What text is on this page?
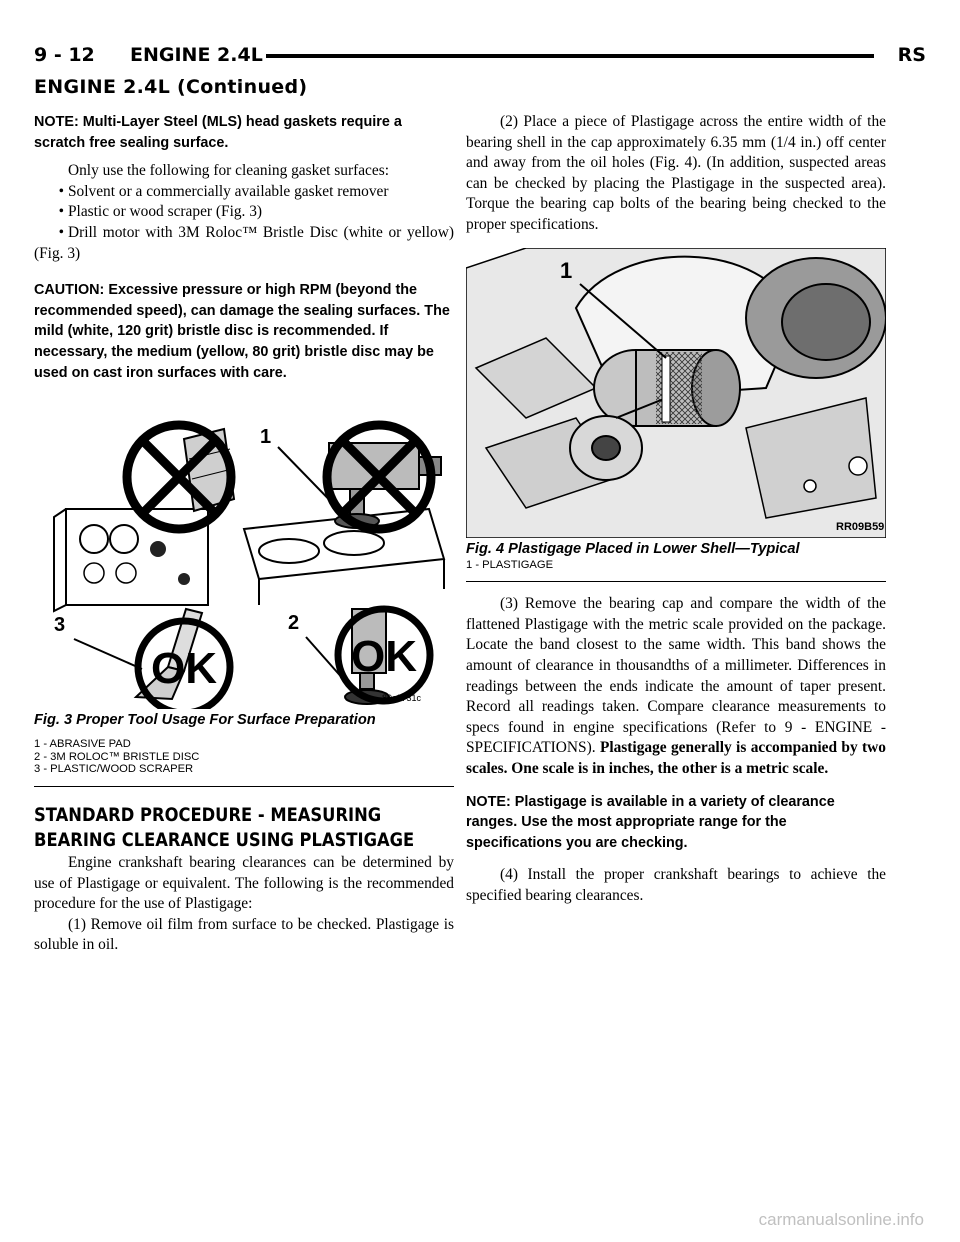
9 - 12 ENGINE 2.4L	RS
ENGINE 2.4L (Continued)

NOTE: Multi-Layer Steel (MLS) head gaskets require a scratch free sealing surface.

Only use the following for cleaning gasket surfaces:

• Solvent or a commercially available gasket remover

• Plastic or wood scraper (Fig. 3)

• Drill motor with 3M Roloc™ Bristle Disc (white or yellow) (Fig. 3)

CAUTION: Excessive pressure or high RPM (beyond the recommended speed), can damage the sealing surfaces. The mild (white, 120 grit) bristle disc is recommended. If necessary, the medium (yellow, 80 grit) bristle disc may be used on cast iron surfaces with care.

1
OK
3
OK
2
80c0731c
Fig. 3 Proper Tool Usage For Surface Preparation
1 - ABRASIVE PAD
2 - 3M ROLOC™ BRISTLE DISC
3 - PLASTIC/WOOD SCRAPER
STANDARD PROCEDURE - MEASURING
BEARING CLEARANCE USING PLASTIGAGE

Engine crankshaft bearing clearances can be determined by use of Plastigage or equivalent. The following is the recommended procedure for the use of Plastigage:

(1) Remove oil film from surface to be checked. Plastigage is soluble in oil.

(2) Place a piece of Plastigage across the entire width of the bearing shell in the cap approximately 6.35 mm (1/4 in.) off center and away from the oil holes (Fig. 4). (In addition, suspected areas can be checked by placing the Plastigage in the suspected area). Torque the bearing cap bolts of the bearing being checked to the proper specifications.

1
RR09B59
Fig. 4 Plastigage Placed in Lower Shell—Typical
1 - PLASTIGAGE

(3) Remove the bearing cap and compare the width of the flattened Plastigage with the metric scale provided on the package. Locate the band closest to the same width. This band shows the amount of clearance in thousandths of a millimeter. Differences in readings between the ends indicate the amount of taper present. Record all readings taken. Compare clearance measurements to specs found in engine specifications (Refer to 9 - ENGINE - SPECIFICATIONS). Plastigage generally is accompanied by two scales. One scale is in inches, the other is a metric scale.

NOTE: Plastigage is available in a variety of clearance ranges. Use the most appropriate range for the specifications you are checking.

(4) Install the proper crankshaft bearings to achieve the specified bearing clearances.

carmanualsonline.info
